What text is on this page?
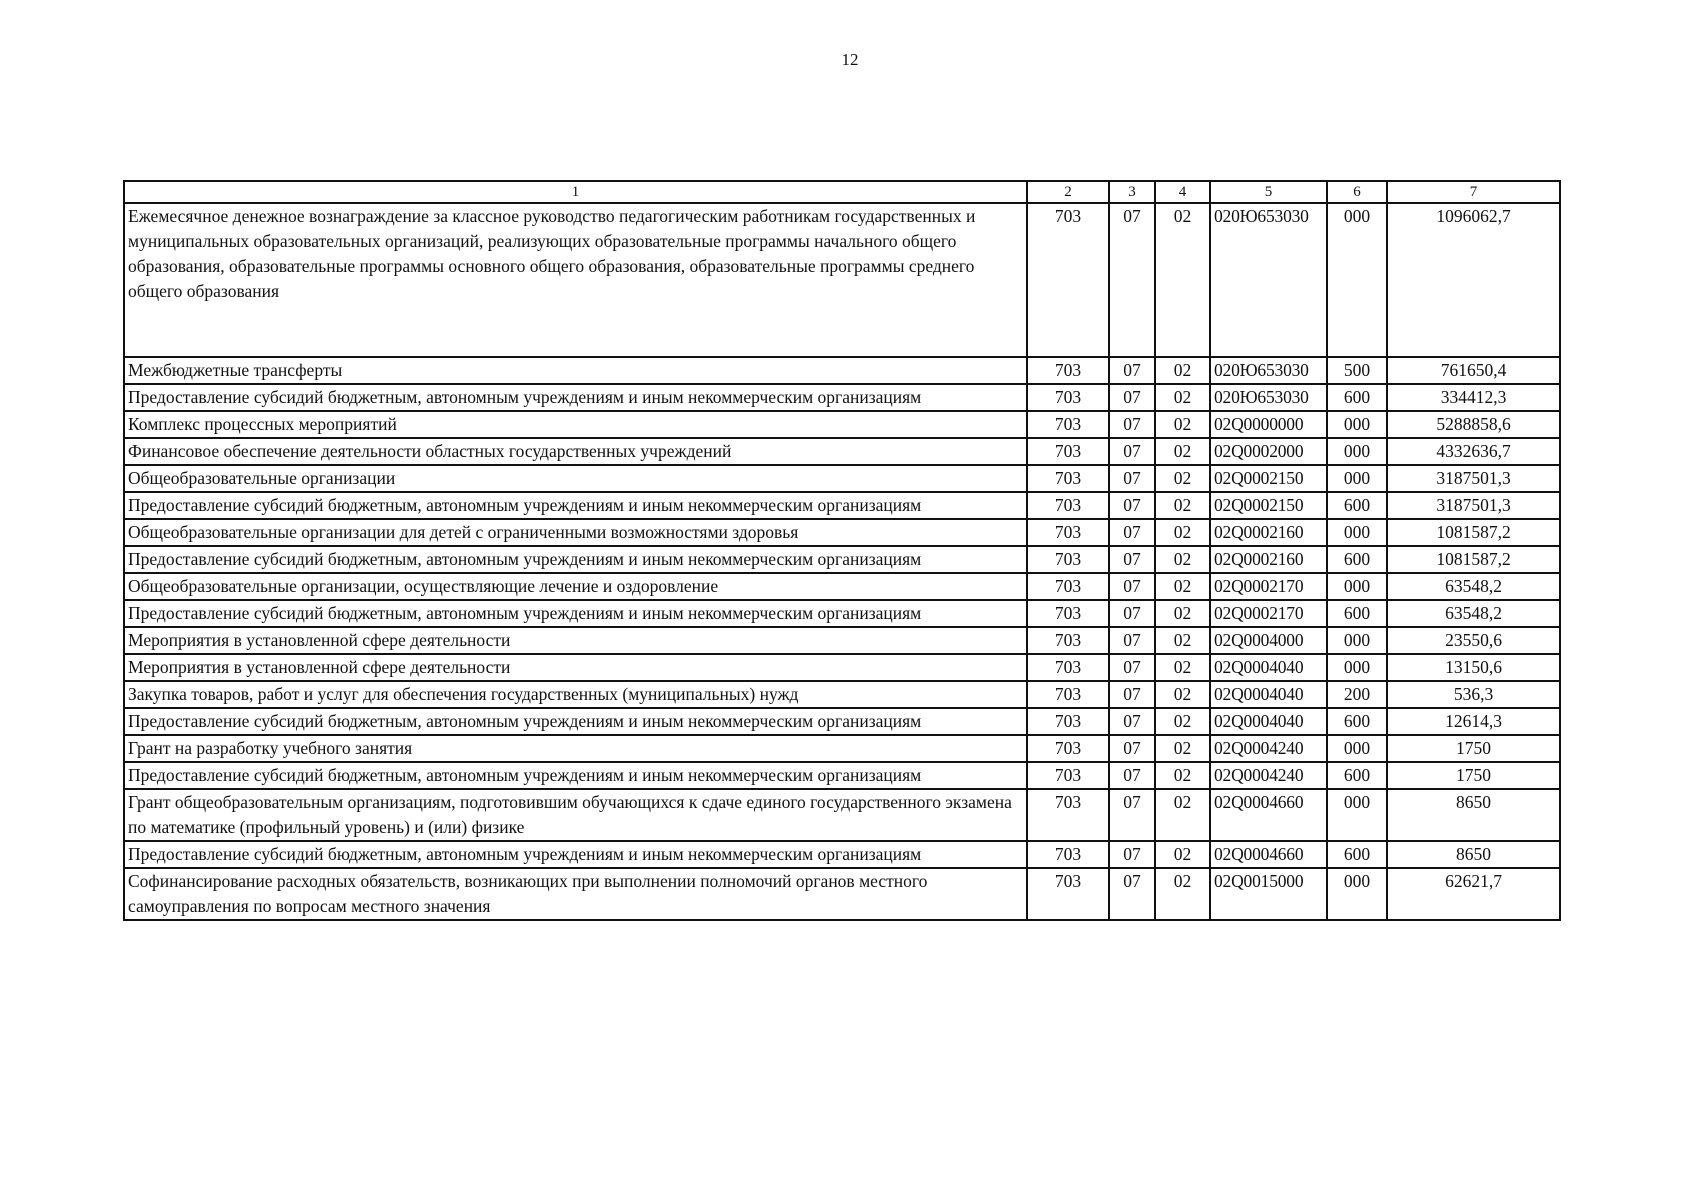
12
1	2	3	4	5	6	7
Ежемесячное денежное вознаграждение за классное руководство педагогическим работникам государственных и муниципальных образовательных организаций, реализующих образовательные программы начального общего образования, образовательные программы основного общего образования, образовательные программы среднего общего образования	703	07	02	020Ю653030	000	1096062,7
Межбюджетные трансферты	703	07	02	020Ю653030	500	761650,4
Предоставление субсидий бюджетным, автономным учреждениям и иным некоммерческим организациям	703	07	02	020Ю653030	600	334412,3
Комплекс процессных мероприятий	703	07	02	02Q0000000	000	5288858,6
Финансовое обеспечение деятельности областных государственных учреждений	703	07	02	02Q0002000	000	4332636,7
Общеобразовательные организации	703	07	02	02Q0002150	000	3187501,3
Предоставление субсидий бюджетным, автономным учреждениям и иным некоммерческим организациям	703	07	02	02Q0002150	600	3187501,3
Общеобразовательные организации для детей с ограниченными возможностями здоровья	703	07	02	02Q0002160	000	1081587,2
Предоставление субсидий бюджетным, автономным учреждениям и иным некоммерческим организациям	703	07	02	02Q0002160	600	1081587,2
Общеобразовательные организации, осуществляющие лечение и оздоровление	703	07	02	02Q0002170	000	63548,2
Предоставление субсидий бюджетным, автономным учреждениям и иным некоммерческим организациям	703	07	02	02Q0002170	600	63548,2
Мероприятия в установленной сфере деятельности	703	07	02	02Q0004000	000	23550,6
Мероприятия в установленной сфере деятельности	703	07	02	02Q0004040	000	13150,6
Закупка товаров, работ и услуг для обеспечения государственных (муниципальных) нужд	703	07	02	02Q0004040	200	536,3
Предоставление субсидий бюджетным, автономным учреждениям и иным некоммерческим организациям	703	07	02	02Q0004040	600	12614,3
Грант на разработку учебного занятия	703	07	02	02Q0004240	000	1750
Предоставление субсидий бюджетным, автономным учреждениям и иным некоммерческим организациям	703	07	02	02Q0004240	600	1750
Грант общеобразовательным организациям, подготовившим обучающихся к сдаче единого государственного экзамена по математике (профильный уровень) и (или) физике	703	07	02	02Q0004660	000	8650
Предоставление субсидий бюджетным, автономным учреждениям и иным некоммерческим организациям	703	07	02	02Q0004660	600	8650
Софинансирование расходных обязательств, возникающих при выполнении полномочий органов местного самоуправления по вопросам местного значения	703	07	02	02Q0015000	000	62621,7
